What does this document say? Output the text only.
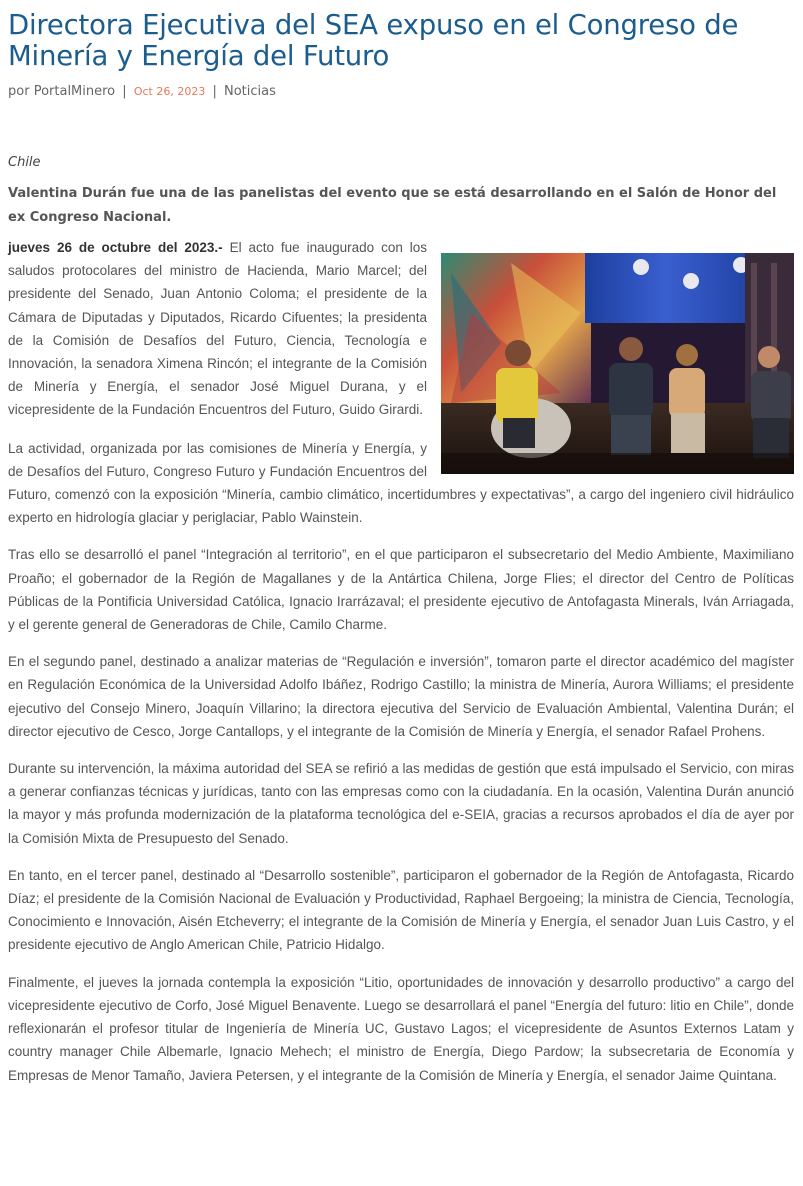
Directora Ejecutiva del SEA expuso en el Congreso de Minería y Energía del Futuro
por PortalMinero | Oct 26, 2023 | Noticias
Chile
Valentina Durán fue una de las panelistas del evento que se está desarrollando en el Salón de Honor del ex Congreso Nacional.

jueves 26 de octubre del 2023.- El acto fue inaugurado con los saludos protocolares del ministro de Hacienda, Mario Marcel; del presidente del Senado, Juan Antonio Coloma; el presidente de la Cámara de Diputadas y Diputados, Ricardo Cifuentes; la presidenta de la Comisión de Desafíos del Futuro, Ciencia, Tecnología e Innovación, la senadora Ximena Rincón; el integrante de la Comisión de Minería y Energía, el senador José Miguel Durana, y el vicepresidente de la Fundación Encuentros del Futuro, Guido Girardi.

La actividad, organizada por las comisiones de Minería y Energía, y de Desafíos del Futuro, Congreso Futuro y Fundación Encuentros del Futuro, comenzó con la exposición “Minería, cambio climático, incertidumbres y expectativas”, a cargo del ingeniero civil hidráulico experto en hidrología glaciar y periglaciar, Pablo Wainstein.

Tras ello se desarrolló el panel “Integración al territorio”, en el que participaron el subsecretario del Medio Ambiente, Maximiliano Proaño; el gobernador de la Región de Magallanes y de la Antártica Chilena, Jorge Flies; el director del Centro de Políticas Públicas de la Pontificia Universidad Católica, Ignacio Irarrázaval; el presidente ejecutivo de Antofagasta Minerals, Iván Arriagada, y el gerente general de Generadoras de Chile, Camilo Charme.

En el segundo panel, destinado a analizar materias de “Regulación e inversión”, tomaron parte el director académico del magíster en Regulación Económica de la Universidad Adolfo Ibáñez, Rodrigo Castillo; la ministra de Minería, Aurora Williams; el presidente ejecutivo del Consejo Minero, Joaquín Villarino; la directora ejecutiva del Servicio de Evaluación Ambiental, Valentina Durán; el director ejecutivo de Cesco, Jorge Cantallops, y el integrante de la Comisión de Minería y Energía, el senador Rafael Prohens.

Durante su intervención, la máxima autoridad del SEA se refirió a las medidas de gestión que está impulsado el Servicio, con miras a generar confianzas técnicas y jurídicas, tanto con las empresas como con la ciudadanía. En la ocasión, Valentina Durán anunció la mayor y más profunda modernización de la plataforma tecnológica del e-SEIA, gracias a recursos aprobados el día de ayer por la Comisión Mixta de Presupuesto del Senado.

En tanto, en el tercer panel, destinado al “Desarrollo sostenible”, participaron el gobernador de la Región de Antofagasta, Ricardo Díaz; el presidente de la Comisión Nacional de Evaluación y Productividad, Raphael Bergoeing; la ministra de Ciencia, Tecnología, Conocimiento e Innovación, Aisén Etcheverry; el integrante de la Comisión de Minería y Energía, el senador Juan Luis Castro, y el presidente ejecutivo de Anglo American Chile, Patricio Hidalgo.

Finalmente, el jueves la jornada contempla la exposición “Litio, oportunidades de innovación y desarrollo productivo” a cargo del vicepresidente ejecutivo de Corfo, José Miguel Benavente. Luego se desarrollará el panel “Energía del futuro: litio en Chile”, donde reflexionarán el profesor titular de Ingeniería de Minería UC, Gustavo Lagos; el vicepresidente de Asuntos Externos Latam y country manager Chile Albemarle, Ignacio Mehech; el ministro de Energía, Diego Pardow; la subsecretaria de Economía y Empresas de Menor Tamaño, Javiera Petersen, y el integrante de la Comisión de Minería y Energía, el senador Jaime Quintana.
